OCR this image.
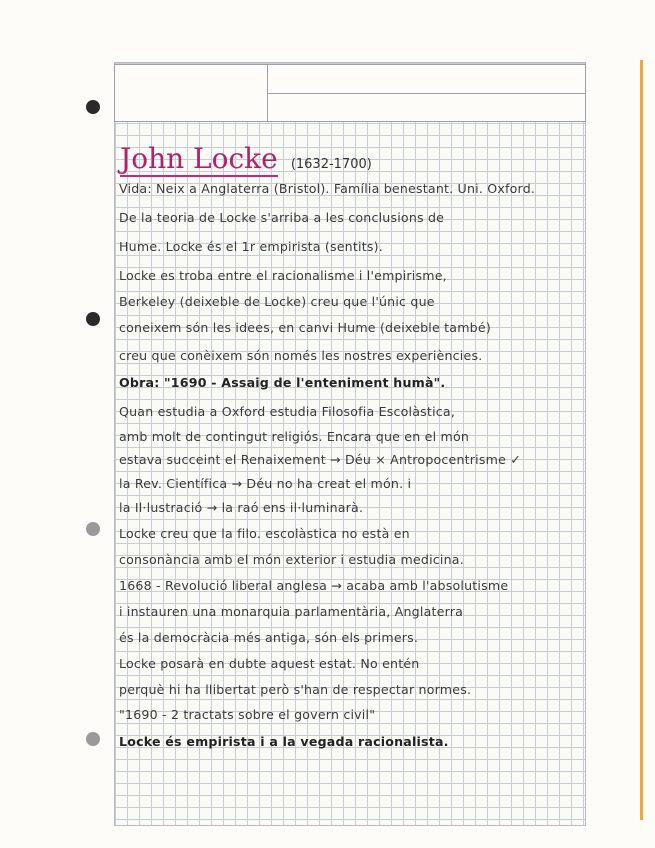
John Locke (1632-1700)
Vida: Neix a Anglaterra (Bristol). Família benestant. Uni. Oxford.
De la teoria de Locke s'arriba a les conclusions de
Hume. Locke és el 1r empirista (sentits).
Locke es troba entre el racionalisme i l'empirisme,
Berkeley (deixeble de Locke) creu que l'únic que
coneixem són les idees, en canvi Hume (deixeble també)
creu que conèixem són només les nostres experiències.
Obra: "1690 - Assaig de l'enteniment humà".
Quan estudia a Oxford estudia Filosofia Escolàstica,
amb molt de contingut religiós. Encara que en el món
estava succeint el Renaixement → Déu × Antropocentrisme ✓
la Rev. Científica → Déu no ha creat el món. i
la Il·lustració → la raó ens il·luminarà.
Locke creu que la filo. escolàstica no està en
consonància amb el món exterior i estudia medicina.
1668 - Revolució liberal anglesa → acaba amb l'absolutisme
i instauren una monarquia parlamentària, Anglaterra
és la democràcia més antiga, són els primers.
Locke posarà en dubte aquest estat. No entén
perquè hi ha llibertat però s'han de respectar normes.
"1690 - 2 tractats sobre el govern civil"
Locke és empirista i a la vegada racionalista.
